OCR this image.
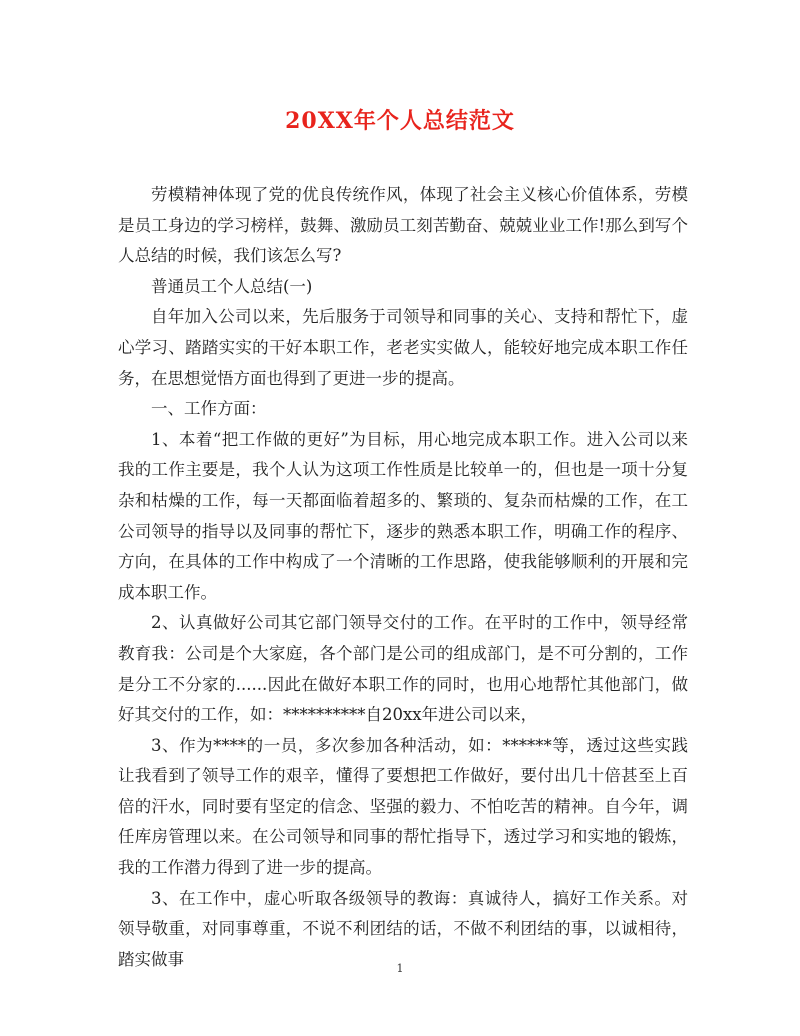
20XX年个人总结范文

劳模精神体现了党的优良传统作风，体现了社会主义核心价值体系，劳模是员工身边的学习榜样，鼓舞、激励员工刻苦勤奋、兢兢业业工作!那么到写个人总结的时候，我们该怎么写?

普通员工个人总结(一)

自年加入公司以来，先后服务于司领导和同事的关心、支持和帮忙下，虚心学习、踏踏实实的干好本职工作，老老实实做人，能较好地完成本职工作任务，在思想觉悟方面也得到了更进一步的提高。

一、工作方面：

1、本着“把工作做的更好”为目标，用心地完成本职工作。进入公司以来我的工作主要是，我个人认为这项工作性质是比较单一的，但也是一项十分复杂和枯燥的工作，每一天都面临着超多的、繁琐的、复杂而枯燥的工作，在工公司领导的指导以及同事的帮忙下，逐步的熟悉本职工作，明确工作的程序、方向，在具体的工作中构成了一个清晰的工作思路，使我能够顺利的开展和完成本职工作。

2、认真做好公司其它部门领导交付的工作。在平时的工作中，领导经常教育我：公司是个大家庭，各个部门是公司的组成部门，是不可分割的，工作是分工不分家的......因此在做好本职工作的同时，也用心地帮忙其他部门，做好其交付的工作，如：**********自20xx年进公司以来，

3、作为****的一员，多次参加各种活动，如：******等，透过这些实践让我看到了领导工作的艰辛，懂得了要想把工作做好，要付出几十倍甚至上百倍的汗水，同时要有坚定的信念、坚强的毅力、不怕吃苦的精神。自今年，调任库房管理以来。在公司领导和同事的帮忙指导下，透过学习和实地的锻炼，我的工作潜力得到了进一步的提高。

3、在工作中，虚心听取各级领导的教诲：真诚待人，搞好工作关系。对领导敬重，对同事尊重，不说不利团结的话，不做不利团结的事，以诚相待，踏实做事	1
